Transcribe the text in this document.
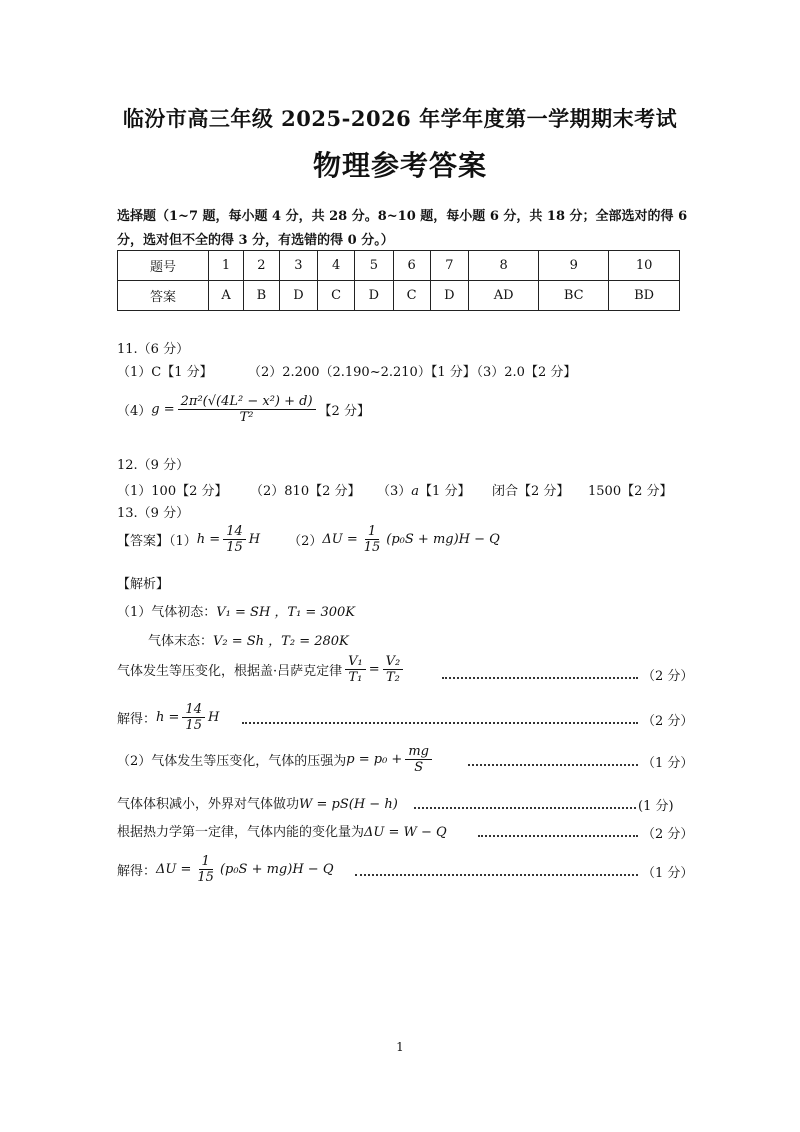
临汾市高三年级 2025-2026 年学年度第一学期期末考试
物理参考答案
选择题（1~7 题，每小题 4 分，共 28 分。8~10 题，每小题 6 分，共 18 分；全部选对的得 6 分，选对但不全的得 3 分，有选错的得 0 分。）
题号	1	2	3	4	5	6	7	8	9	10
答案	A	B	D	C	D	C	D	AD	BC	BD
11.（6 分）
（1）C【1 分】	（2）2.200（2.190~2.210）【1 分】
（3）2.0【2 分】
（4） $g = \frac{\text{2π²(√(4L² − x²) + d)}}{\text{T²}}$ 【2 分】
12.（9 分）
（1）100【2 分】 （2）810【2 分】 （3）a【1 分】 闭合【2 分】 1500【2 分】
13.（9 分）
【答案】（1） $h = \frac{14}{15}$ H （2） $\Delta U = \frac{1}{15} (p_0S + mg)H - Q$
【解析】
（1）气体初态：V₁ = SH ，T₁ = 300K
气体末态：V₂ = Sh ，T₂ = 280K
气体发生等压变化，根据盖·吕萨克定律 $\frac{\text{V₁}}{\text{T₁}} = \frac{\text{V₂}}{\text{T₂}}$	（2 分）
解得： $h = \frac{14}{15}$ H	（2 分）
（2）气体发生等压变化，气体的压强为 $p = p_0 + \frac{mg}{S}$	（1 分）
气体体积减小，外界对气体做功W = pS(H − h)	(1 分)
根据热力学第一定律，气体内能的变化量为ΔU = W − Q	（2 分）
解得： $\Delta U = \frac{1}{15} (p_0S + mg)H - Q$	（1 分）
1
